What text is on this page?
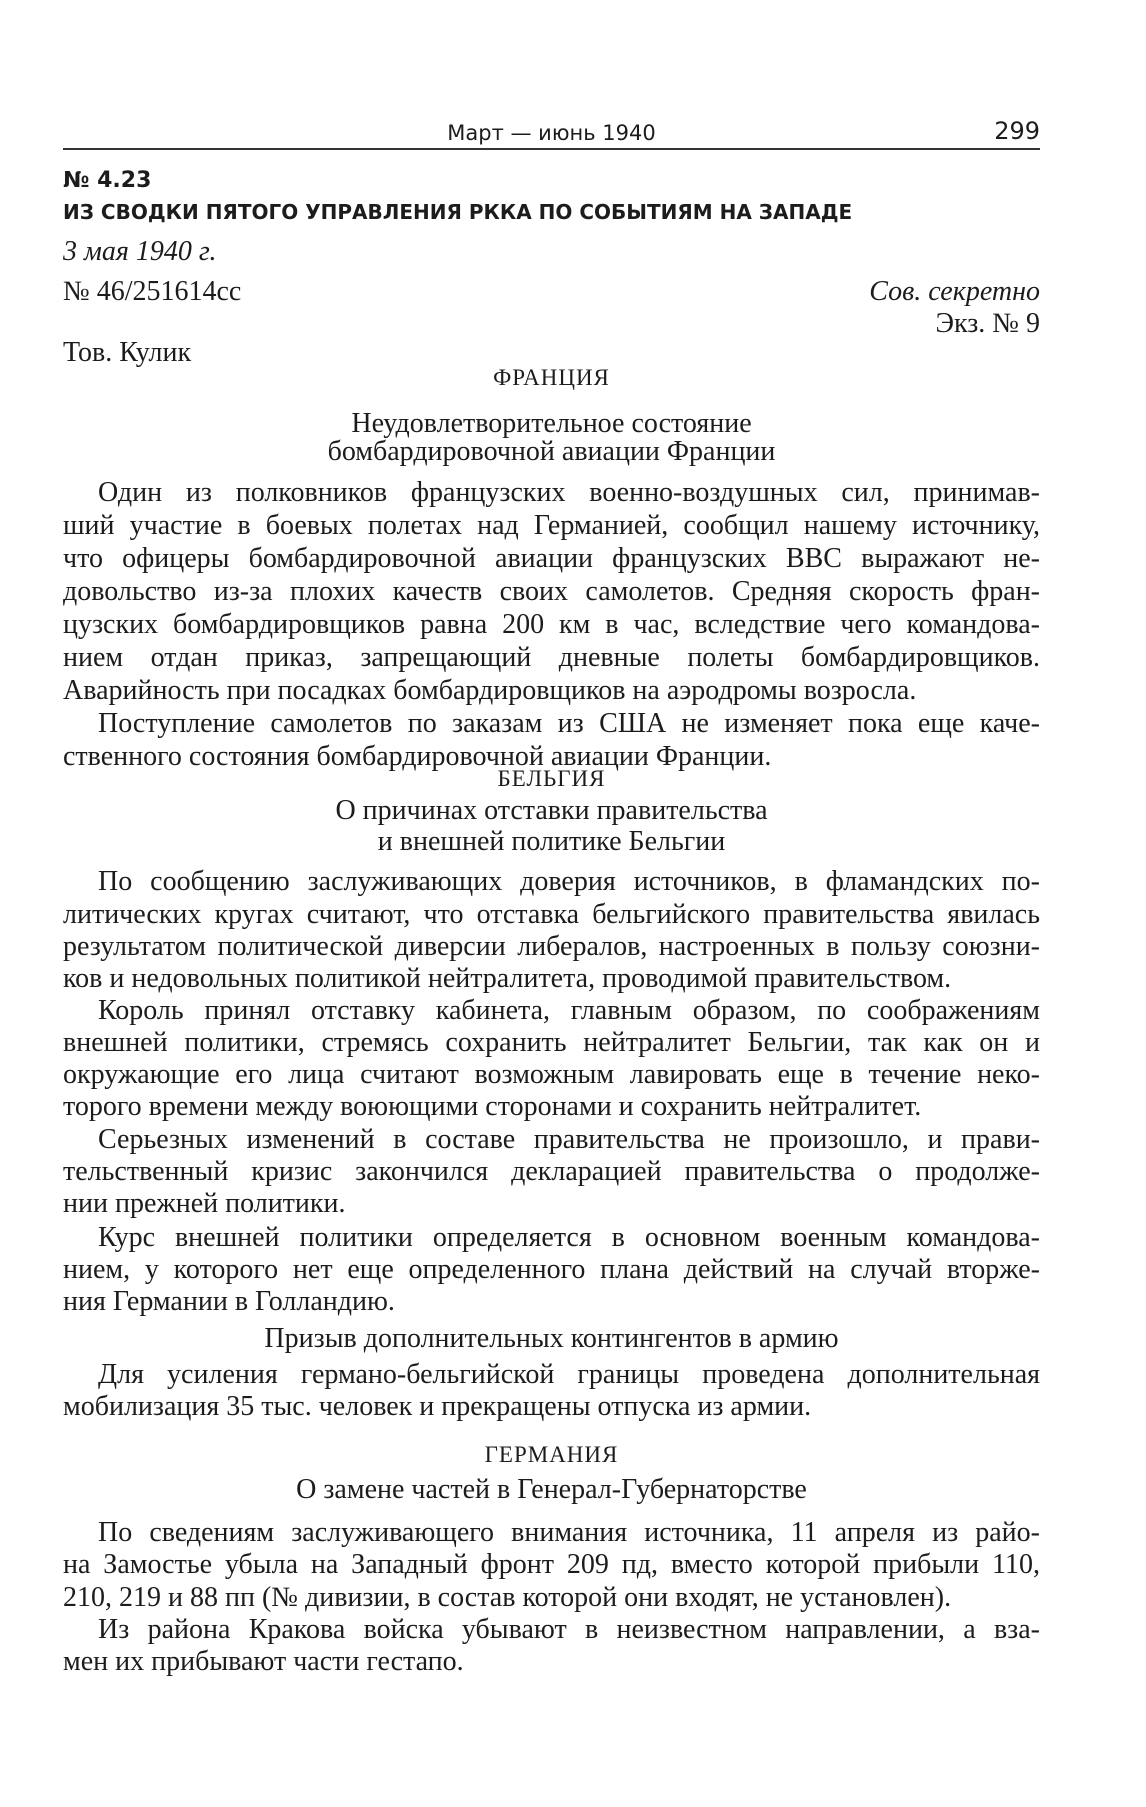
Март — июнь 1940	299
№ 4.23
ИЗ СВОДКИ ПЯТОГО УПРАВЛЕНИЯ РККА ПО СОБЫТИЯМ НА ЗАПАДЕ
3 мая 1940 г.
№ 46/251614сс	Сов. секретно
Экз. № 9
Тов. Кулик
ФРАНЦИЯ
Неудовлетворительное состояние
бомбардировочной авиации Франции
Один из полковников французских военно-воздушных сил, принимав-
ший участие в боевых полетах над Германией, сообщил нашему источнику,
что офицеры бомбардировочной авиации французских ВВС выражают не-
довольство из-за плохих качеств своих самолетов. Средняя скорость фран-
цузских бомбардировщиков равна 200 км в час, вследствие чего командова-
нием отдан приказ, запрещающий дневные полеты бомбардировщиков.
Аварийность при посадках бомбардировщиков на аэродромы возросла.
Поступление самолетов по заказам из США не изменяет пока еще каче-
ственного состояния бомбардировочной авиации Франции.
БЕЛЬГИЯ
О причинах отставки правительства
и внешней политике Бельгии
По сообщению заслуживающих доверия источников, в фламандских по-
литических кругах считают, что отставка бельгийского правительства явилась
результатом политической диверсии либералов, настроенных в пользу союзни-
ков и недовольных политикой нейтралитета, проводимой правительством.
Король принял отставку кабинета, главным образом, по соображениям
внешней политики, стремясь сохранить нейтралитет Бельгии, так как он и
окружающие его лица считают возможным лавировать еще в течение неко-
торого времени между воюющими сторонами и сохранить нейтралитет.
Серьезных изменений в составе правительства не произошло, и прави-
тельственный кризис закончился декларацией правительства о продолже-
нии прежней политики.
Курс внешней политики определяется в основном военным командова-
нием, у которого нет еще определенного плана действий на случай вторже-
ния Германии в Голландию.
Призыв дополнительных контингентов в армию
Для усиления германо-бельгийской границы проведена дополнительная
мобилизация 35 тыс. человек и прекращены отпуска из армии.
ГЕРМАНИЯ
О замене частей в Генерал-Губернаторстве
По сведениям заслуживающего внимания источника, 11 апреля из райо-
на Замостье убыла на Западный фронт 209 пд, вместо которой прибыли 110,
210, 219 и 88 пп (№ дивизии, в состав которой они входят, не установлен).
Из района Кракова войска убывают в неизвестном направлении, а вза-
мен их прибывают части гестапо.
